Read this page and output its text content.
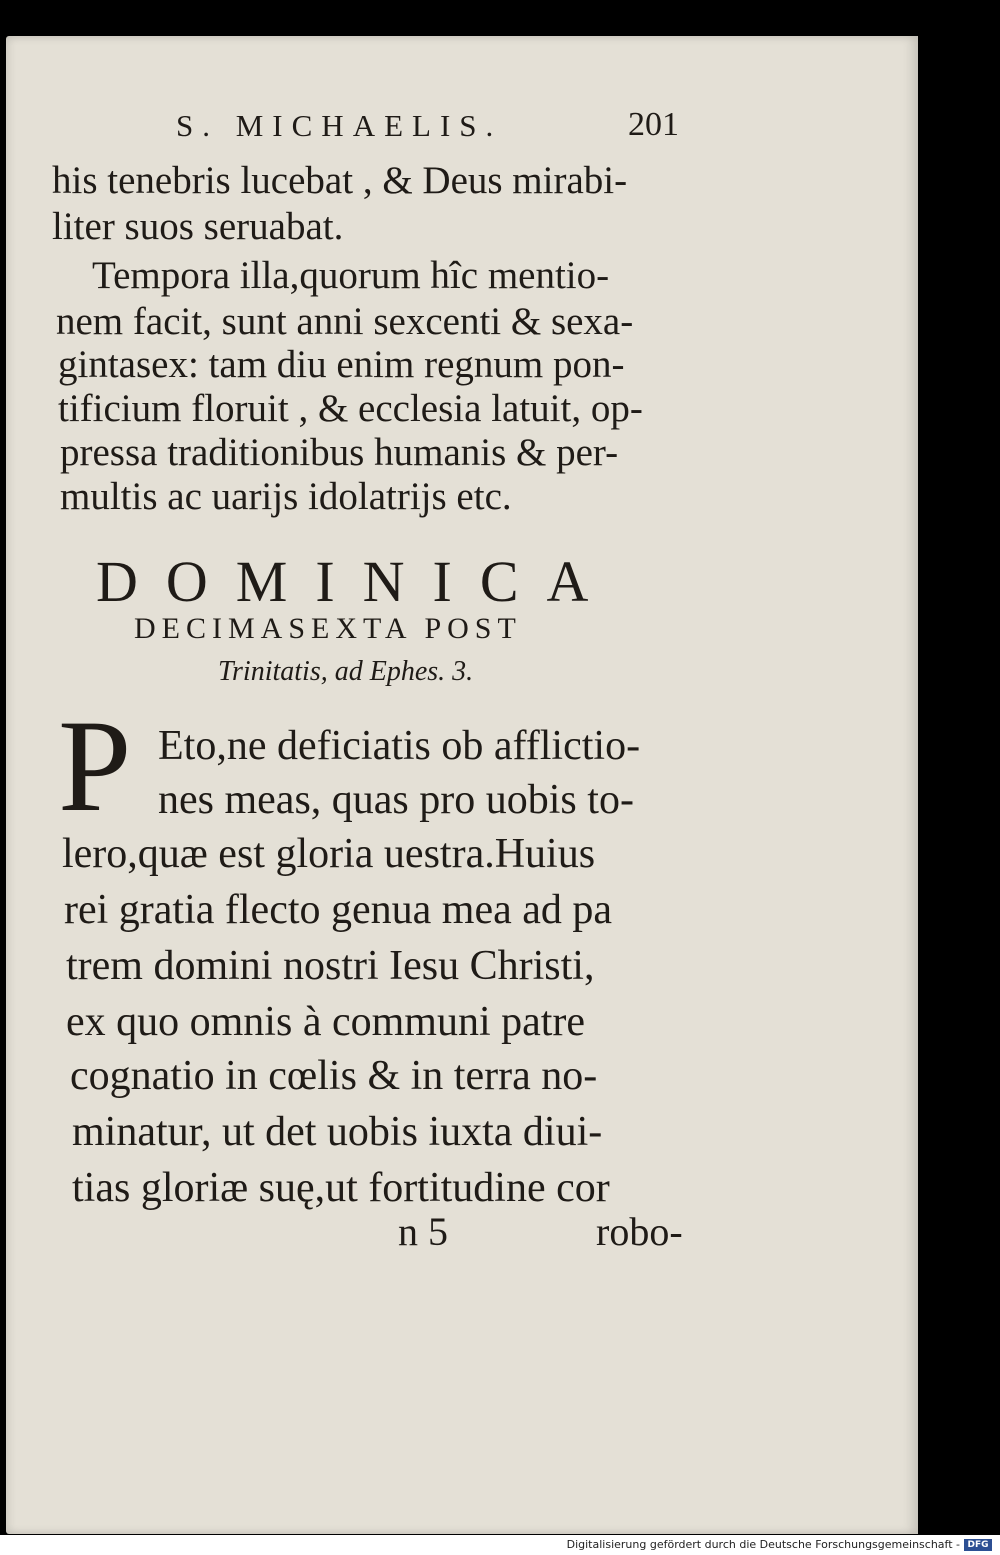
S. MICHAELIS.	201
his tenebris lucebat , & Deus mirabi-
liter suos seruabat.
Tempora illa,quorum hîc mentio-
nem facit, sunt anni sexcenti & sexa-
gintasex: tam diu enim regnum pon-
tificium floruit , & ecclesia latuit, op-
pressa traditionibus humanis & per-
multis ac uarijs idolatrijs etc.
DOMINICA
DECIMASEXTA POST
Trinitatis, ad Ephes. 3.
P Eto,ne deficiatis ob afflictio-
nes meas, quas pro uobis to-
lero,quæ est gloria uestra.Huius
rei gratia flecto genua mea ad pa
trem domini nostri Iesu Christi,
ex quo omnis à communi patre
cognatio in cœlis & in terra no-
minatur, ut det uobis iuxta diui-
tias gloriæ suę,ut fortitudine cor
n 5	robo-
Digitalisierung gefördert durch die Deutsche Forschungsgemeinschaft - DFG
